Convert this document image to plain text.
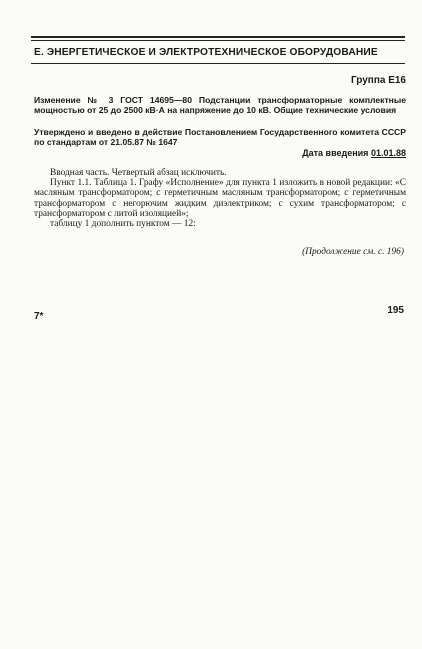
Е. ЭНЕРГЕТИЧЕСКОЕ И ЭЛЕКТРОТЕХНИЧЕСКОЕ ОБОРУДОВАНИЕ
Группа Е16
Изменение № 3 ГОСТ 14695—80 Подстанции трансформаторные комплектные мощностью от 25 до 2500 кВ·А на напряжение до 10 кВ. Общие технические условия
Утверждено и введено в действие Постановлением Государственного комитета СССР по стандартам от 21.05.87 № 1647
Дата введения 01.01.88

Вводная часть. Четвертый абзац исключить.

Пункт 1.1. Таблица 1. Графу «Исполнение» для пункта 1 изложить в новой редакции: «С масляным трансформатором; с герметичным масляным трансформатором; с герметичным трансформатором с негорючим жидким диэлектриком; с сухим трансформатором; с трансформатором с литой изоляцией»;

таблицу 1 дополнить пунктом — 12:

(Продолжение см. с. 196)
7*
195
